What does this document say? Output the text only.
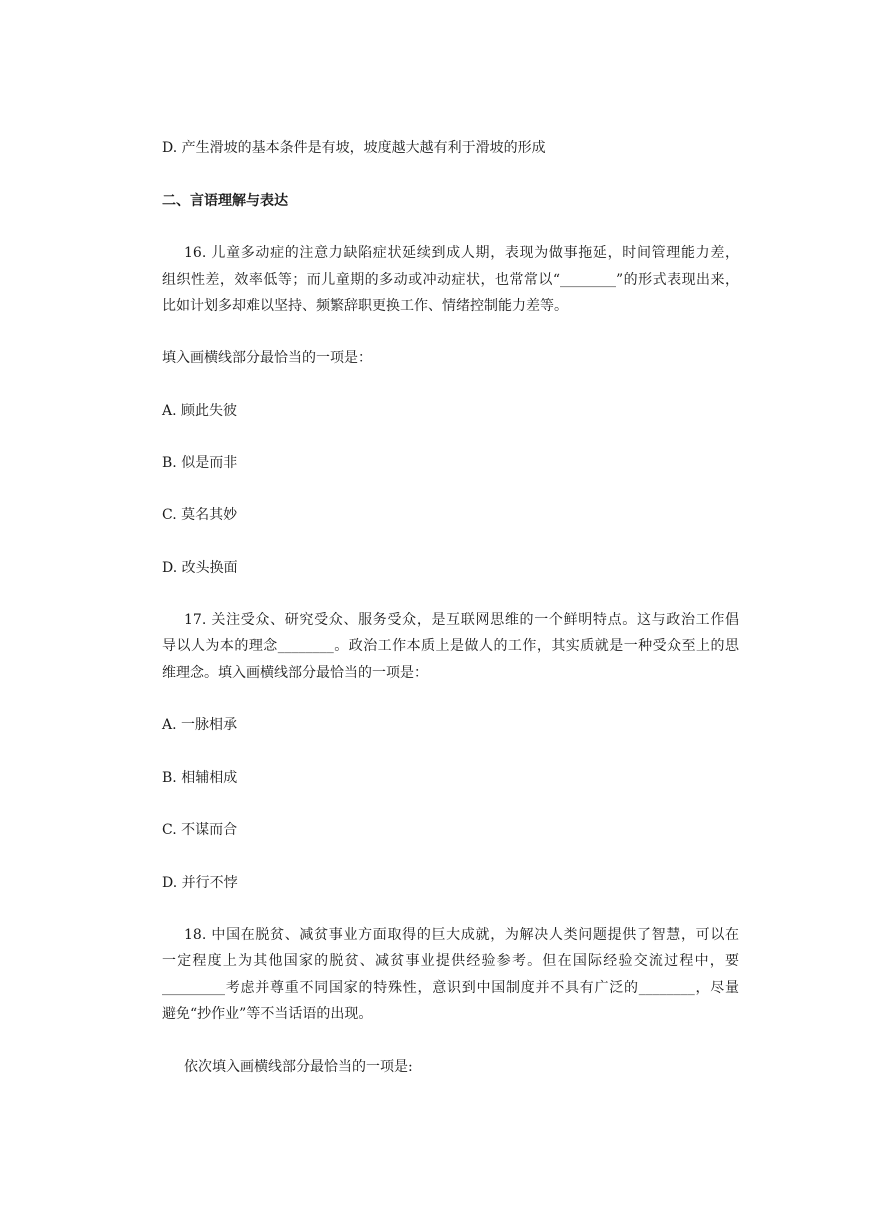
D. 产生滑坡的基本条件是有坡，坡度越大越有利于滑坡的形成
二、言语理解与表达
16. 儿童多动症的注意力缺陷症状延续到成人期，表现为做事拖延，时间管理能力差，
组织性差，效率低等；而儿童期的多动或冲动症状，也常常以“________”的形式表现出来，
比如计划多却难以坚持、频繁辞职更换工作、情绪控制能力差等。
填入画横线部分最恰当的一项是：
A. 顾此失彼
B. 似是而非
C. 莫名其妙
D. 改头换面
17. 关注受众、研究受众、服务受众，是互联网思维的一个鲜明特点。这与政治工作倡
导以人为本的理念________。政治工作本质上是做人的工作，其实质就是一种受众至上的思
维理念。填入画横线部分最恰当的一项是：
A. 一脉相承
B. 相辅相成
C. 不谋而合
D. 并行不悖
18. 中国在脱贫、减贫事业方面取得的巨大成就，为解决人类问题提供了智慧，可以在
一定程度上为其他国家的脱贫、减贫事业提供经验参考。但在国际经验交流过程中，要
_________考虑并尊重不同国家的特殊性，意识到中国制度并不具有广泛的________，尽量
避免“抄作业”等不当话语的出现。
依次填入画横线部分最恰当的一项是:
